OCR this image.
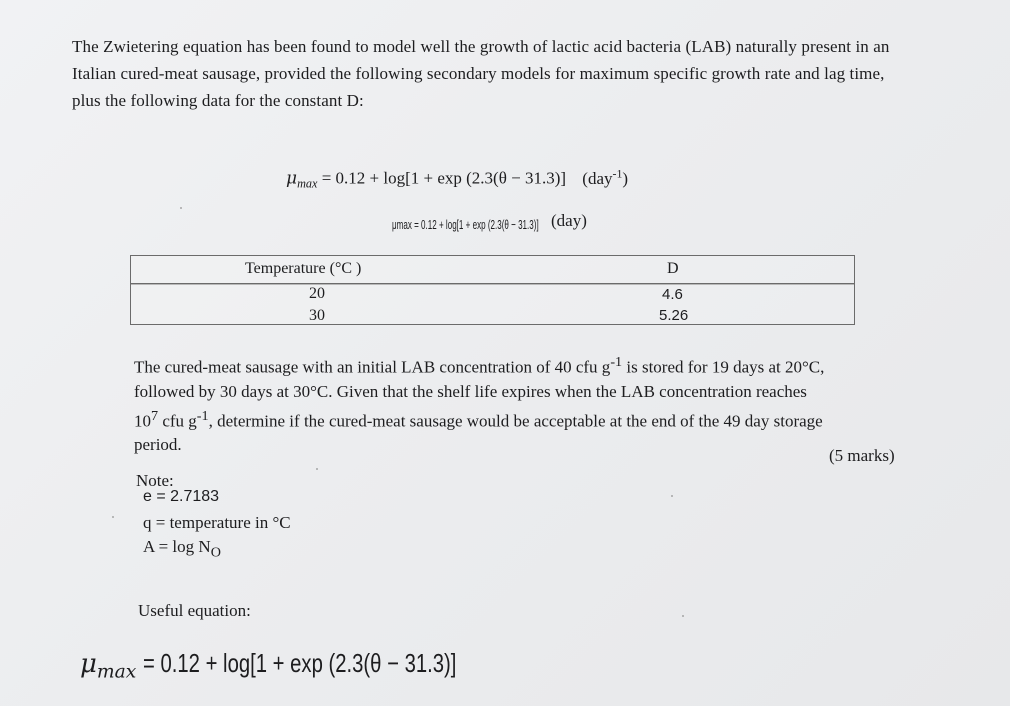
The Zwietering equation has been found to model well the growth of lactic acid bacteria (LAB) naturally present in an Italian cured-meat sausage, provided the following secondary models for maximum specific growth rate and lag time, plus the following data for the constant D:

$\mu_{max} = 0.12 + \log[1 + \exp (2.3(\theta - 31.3)]$ (day$^{-1}$)
μmax = 0.12 + log[1 + exp (2.3(θ − 31.3)] (day)
Temperature (°C )	D
20	4.6
30	5.26

The cured-meat sausage with an initial LAB concentration of 40 cfu $g^{-1}$ is stored for 19 days at 20°C,

followed by 30 days at 30°C. Given that the shelf life expires when the LAB concentration reaches

$10^7$ cfu $g^{-1}$, determine if the cured-meat sausage would be acceptable at the end of the 49 day storage

period.

(5 marks)
Note:
e = 2.7183
q = temperature in °C
$A = \log N_O$
Useful equation:
$\mu_{max} = 0.12 + \log[1 + \exp (2.3(\theta - 31.3)]$
